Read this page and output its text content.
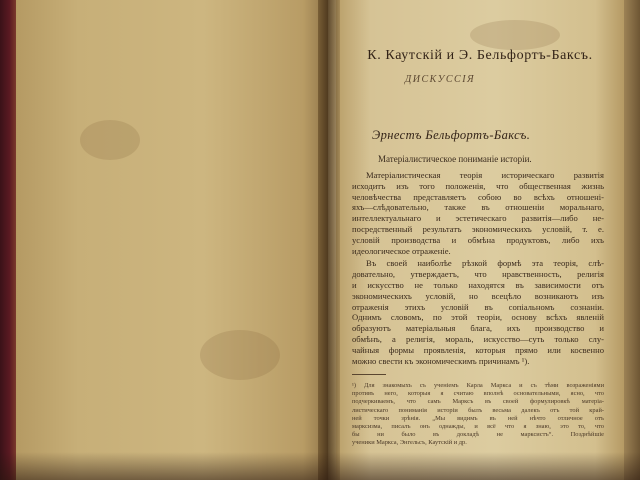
К. Каутскій и Э. Бельфортъ-Баксъ.
ДИСКУССІЯ
Эрнестъ Бельфортъ-Баксъ.
Матеріалистическое пониманіе исторіи.
Матеріалистическая теорія историческаго развитія
исходитъ изъ того положенія, что общественная жизнь
человѣчества представляетъ собою во всѣхъ отношені-
яхъ—слѣдовательно, также въ отношеніи моральнаго,
интеллектуальнаго и эстетическаго развитія—либо не-
посредственный результатъ экономическихъ условій, т. е.
условій производства и обмѣна продуктовъ, либо ихъ
идеологическое отраженіе.
Въ своей наиболѣе рѣзкой формѣ эта теорія, слѣ-
довательно, утверждаетъ, что нравственность, религія
и искусство не только находятся въ зависимости отъ
экономическихъ условій, но всецѣло возникаютъ изъ
отраженія этихъ условій въ сопіальномъ сознаніи.
Однимъ словомъ, по этой теоріи, основу всѣхъ явленій
образуютъ матеріальныя блага, ихъ производство и
обмѣнъ, а религія, мораль, искусство—суть только слу-
чайныя формы проявленія, которыя прямо или косвенно
можно свести къ экономическимъ причинамъ ¹).
¹) Для знакомыхъ съ ученіемъ Карла Маркса и съ тѣми возраженіями
противъ него, которыя я считаю вполнѣ основательными, ясно, что
подчеркиваемъ, что самъ Марксъ въ своей формулировкѣ матеріа-
листическаго пониманія исторіи былъ весьма далекъ отъ той край-
ней точки зрѣнія. „Мы видимъ въ ней нѣчто отличное отъ
марксизма, писалъ онъ однажды, и всё что я знаю, это то, что
бы ни было въ докладѣ не марксистъ“. Позднѣйшіе
ученики Маркса, Энгельсъ, Каутскій и др.
